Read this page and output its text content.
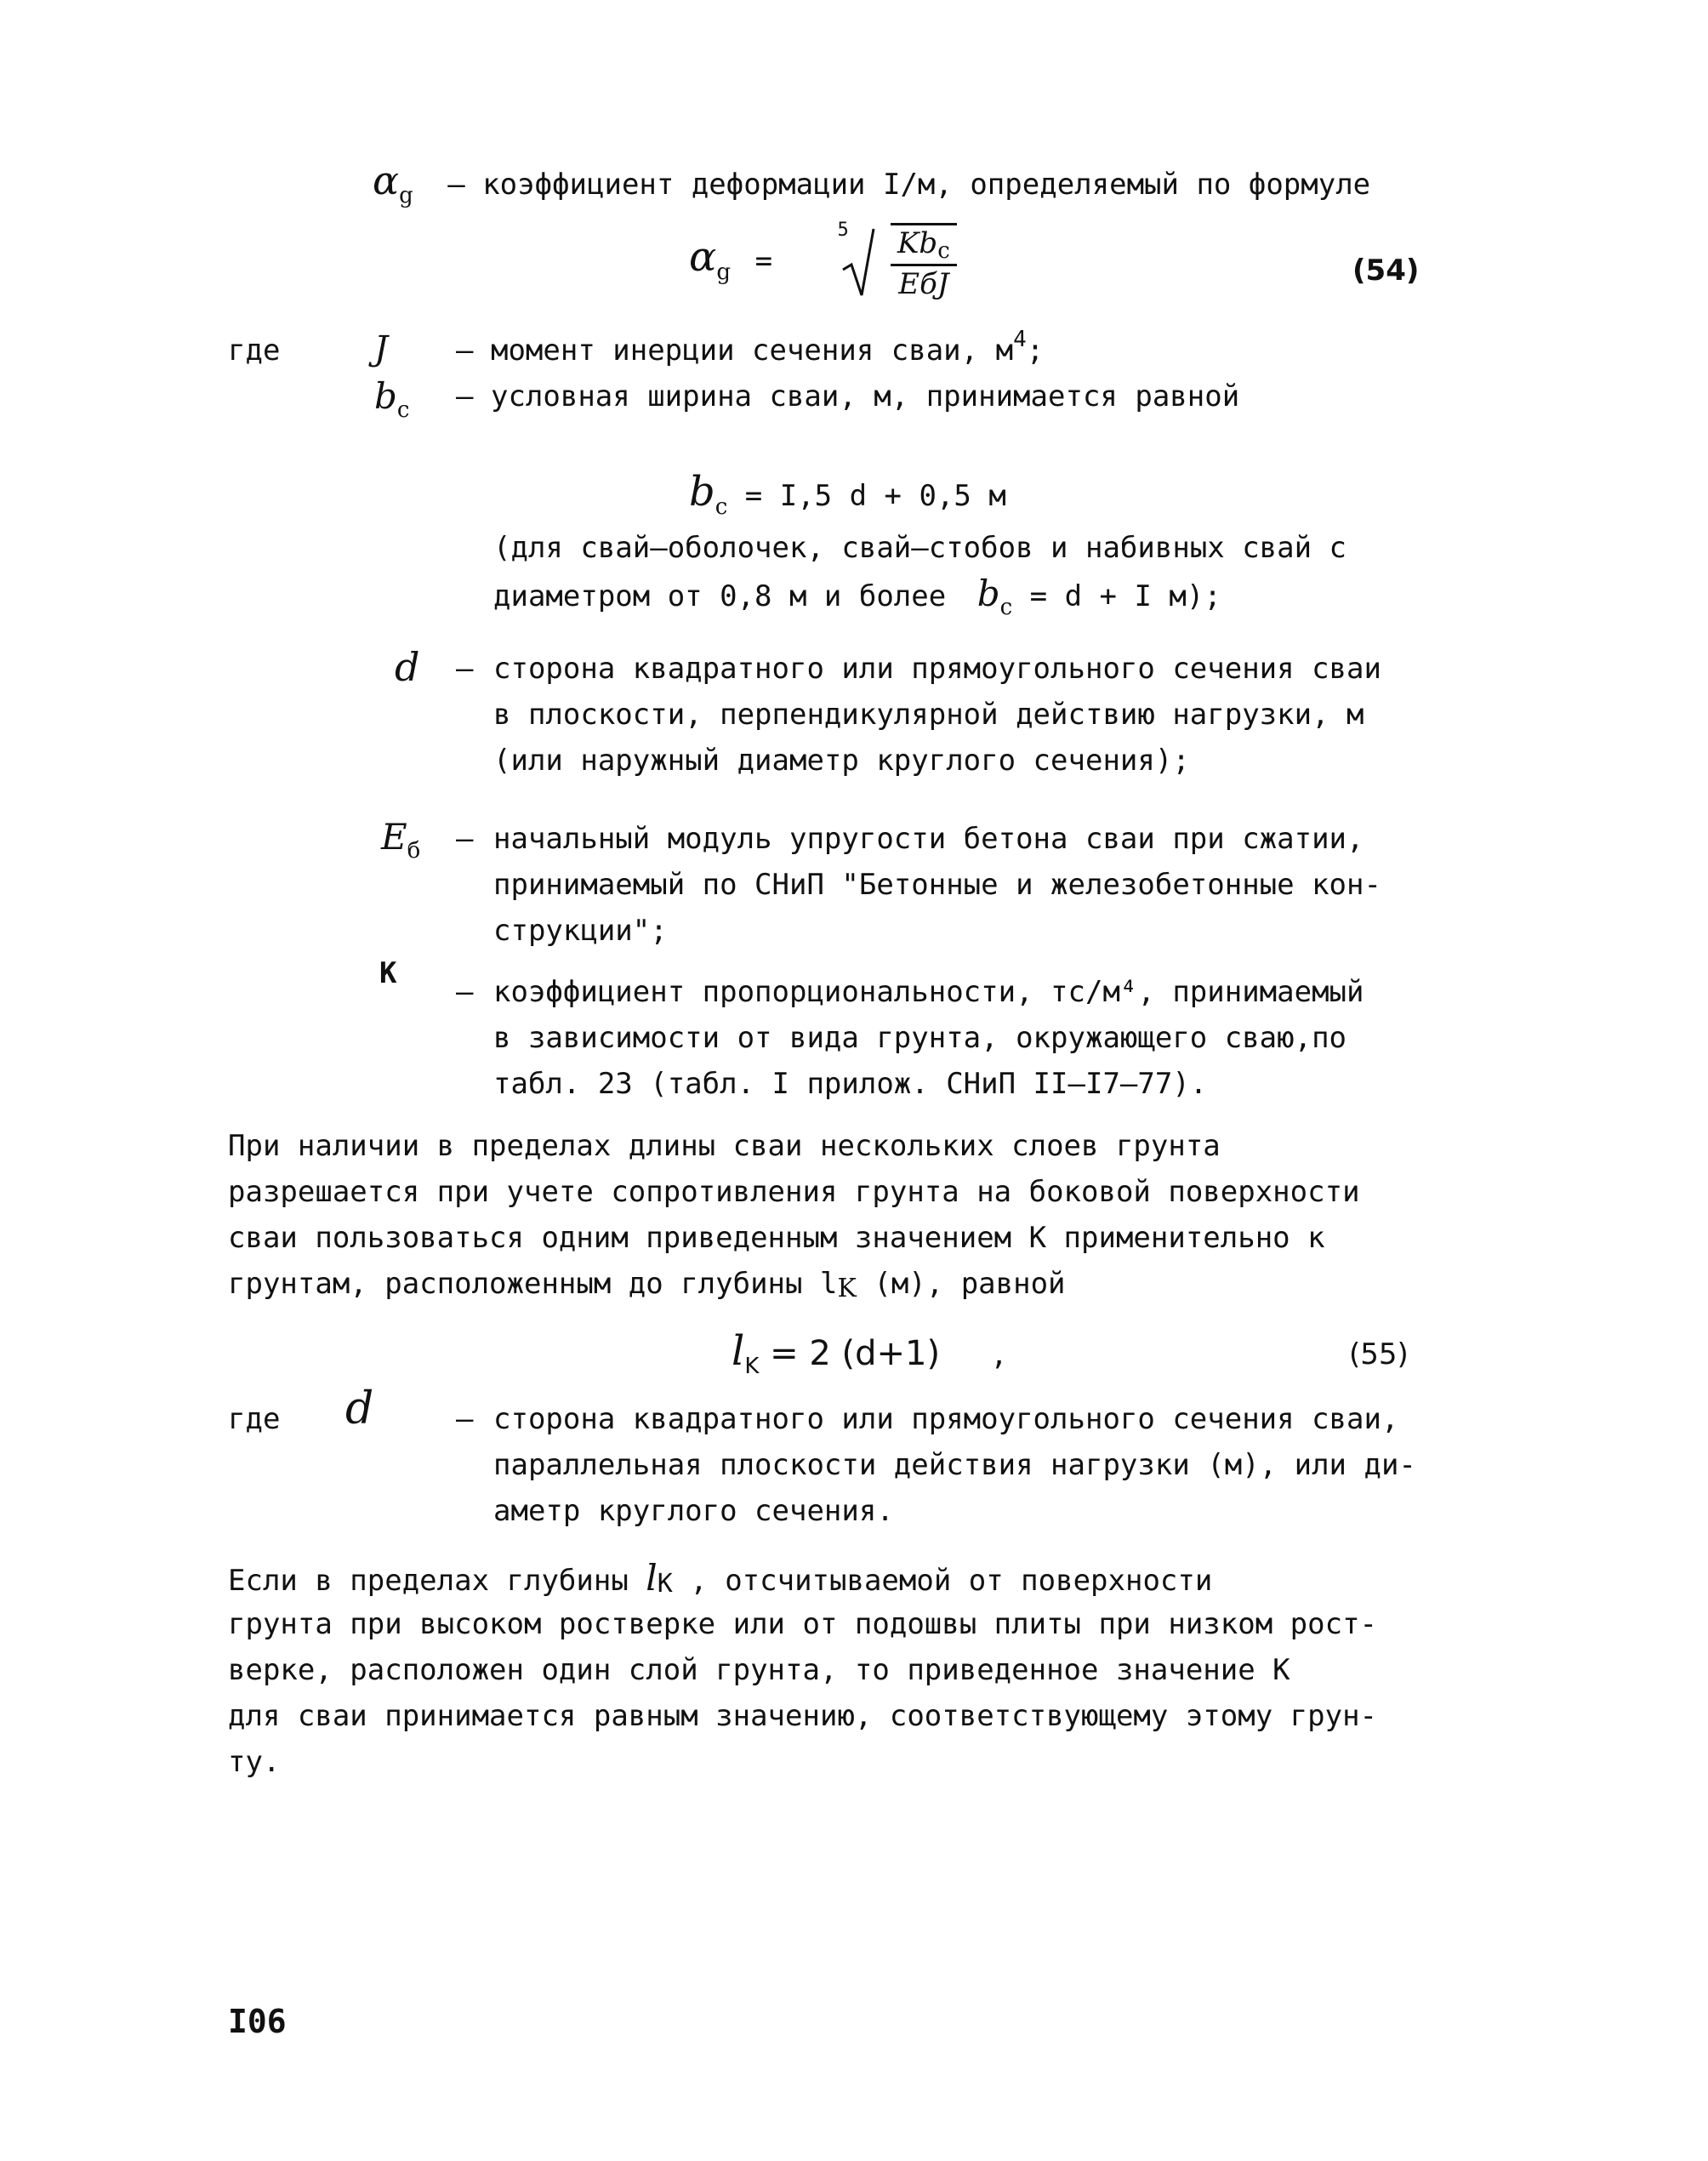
$\alpha_g$ – коэффициент деформации I/м, определяемый по формуле
$\alpha_g$ =
5
$\frac{\text{Kbc}}{\text{EбJ}}$	(54)
где	J – момент инерции сечения сваи, $м^4$;
$b_c$ – условная ширина сваи, м, принимается равной
$b_c = I,5$ d + 0,5 м
(для свай–оболочек, свай–стобов и набивных свай с
диаметром от 0,8 м и более $b_c = d + I$ м);
d – сторона квадратного или прямоугольного сечения сваи
в плоскости, перпендикулярной действию нагрузки, м
(или наружный диаметр круглого сечения);
$E_б$ – начальный модуль упругости бетона сваи при сжатии,
принимаемый по СНиП "Бетонные и железобетонные кон-
струкции";
K
– коэффициент пропорциональности, тс/м⁴, принимаемый
в зависимости от вида грунта, окружающего сваю,по
табл. 23 (табл. I прилож. СНиП II–I7–77).
При наличии в пределах длины сваи нескольких слоев грунта
разрешается при учете сопротивления грунта на боковой поверхности
сваи пользоваться одним приведенным значением K применительно к
грунтам, расположенным до глубины lK (м), равной
$l_K = 2$ (d+1) ,	(55)
где d	– сторона квадратного или прямоугольного сечения сваи,
параллельная плоскости действия нагрузки (м), или ди-
аметр круглого сечения.
Если в пределах глубины lK , отсчитываемой от поверхности
грунта при высоком ростверке или от подошвы плиты при низком рост-
верке, расположен один слой грунта, то приведенное значение K
для сваи принимается равным значению, соответствующему этому грун-
ту.
I06
